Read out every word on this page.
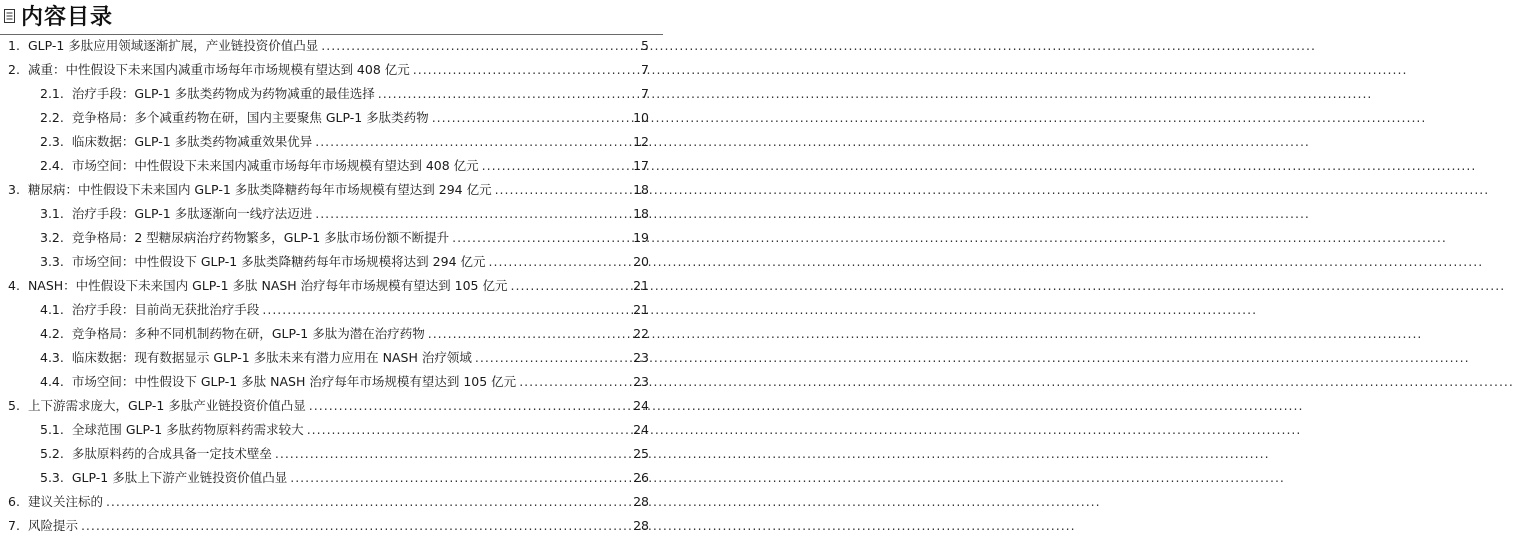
内容目录
1. GLP-1 多肽应用领域逐渐扩展，产业链投资价值凸显 .....	5
2. 减重：中性假设下未来国内减重市场每年市场规模有望达到 408 亿元 .....	7
2.1. 治疗手段：GLP-1 多肽类药物成为药物减重的最佳选择 .....	7
2.2. 竞争格局：多个减重药物在研，国内主要聚焦 GLP-1 多肽类药物 .....	10
2.3. 临床数据：GLP-1 多肽类药物减重效果优异 .....	12
2.4. 市场空间：中性假设下未来国内减重市场每年市场规模有望达到 408 亿元 .....	17
3. 糖尿病：中性假设下未来国内 GLP-1 多肽类降糖药每年市场规模有望达到 294 亿元 .....	18
3.1. 治疗手段：GLP-1 多肽逐渐向一线疗法迈进 .....	18
3.2. 竞争格局：2 型糖尿病治疗药物繁多，GLP-1 多肽市场份额不断提升 .....	19
3.3. 市场空间：中性假设下 GLP-1 多肽类降糖药每年市场规模将达到 294 亿元 .....	20
4. NASH：中性假设下未来国内 GLP-1 多肽 NASH 治疗每年市场规模有望达到 105 亿元 .....	21
4.1. 治疗手段：目前尚无获批治疗手段 .....	21
4.2. 竞争格局：多种不同机制药物在研，GLP-1 多肽为潜在治疗药物 .....	22
4.3. 临床数据：现有数据显示 GLP-1 多肽未来有潜力应用在 NASH 治疗领域 .....	23
4.4. 市场空间：中性假设下 GLP-1 多肽 NASH 治疗每年市场规模有望达到 105 亿元 .....	23
5. 上下游需求庞大，GLP-1 多肽产业链投资价值凸显 .....	24
5.1. 全球范围 GLP-1 多肽药物原料药需求较大 .....	24
5.2. 多肽原料药的合成具备一定技术壁垒 .....	25
5.3. GLP-1 多肽上下游产业链投资价值凸显 .....	26
6. 建议关注标的 .....	28
7. 风险提示 .....	28
